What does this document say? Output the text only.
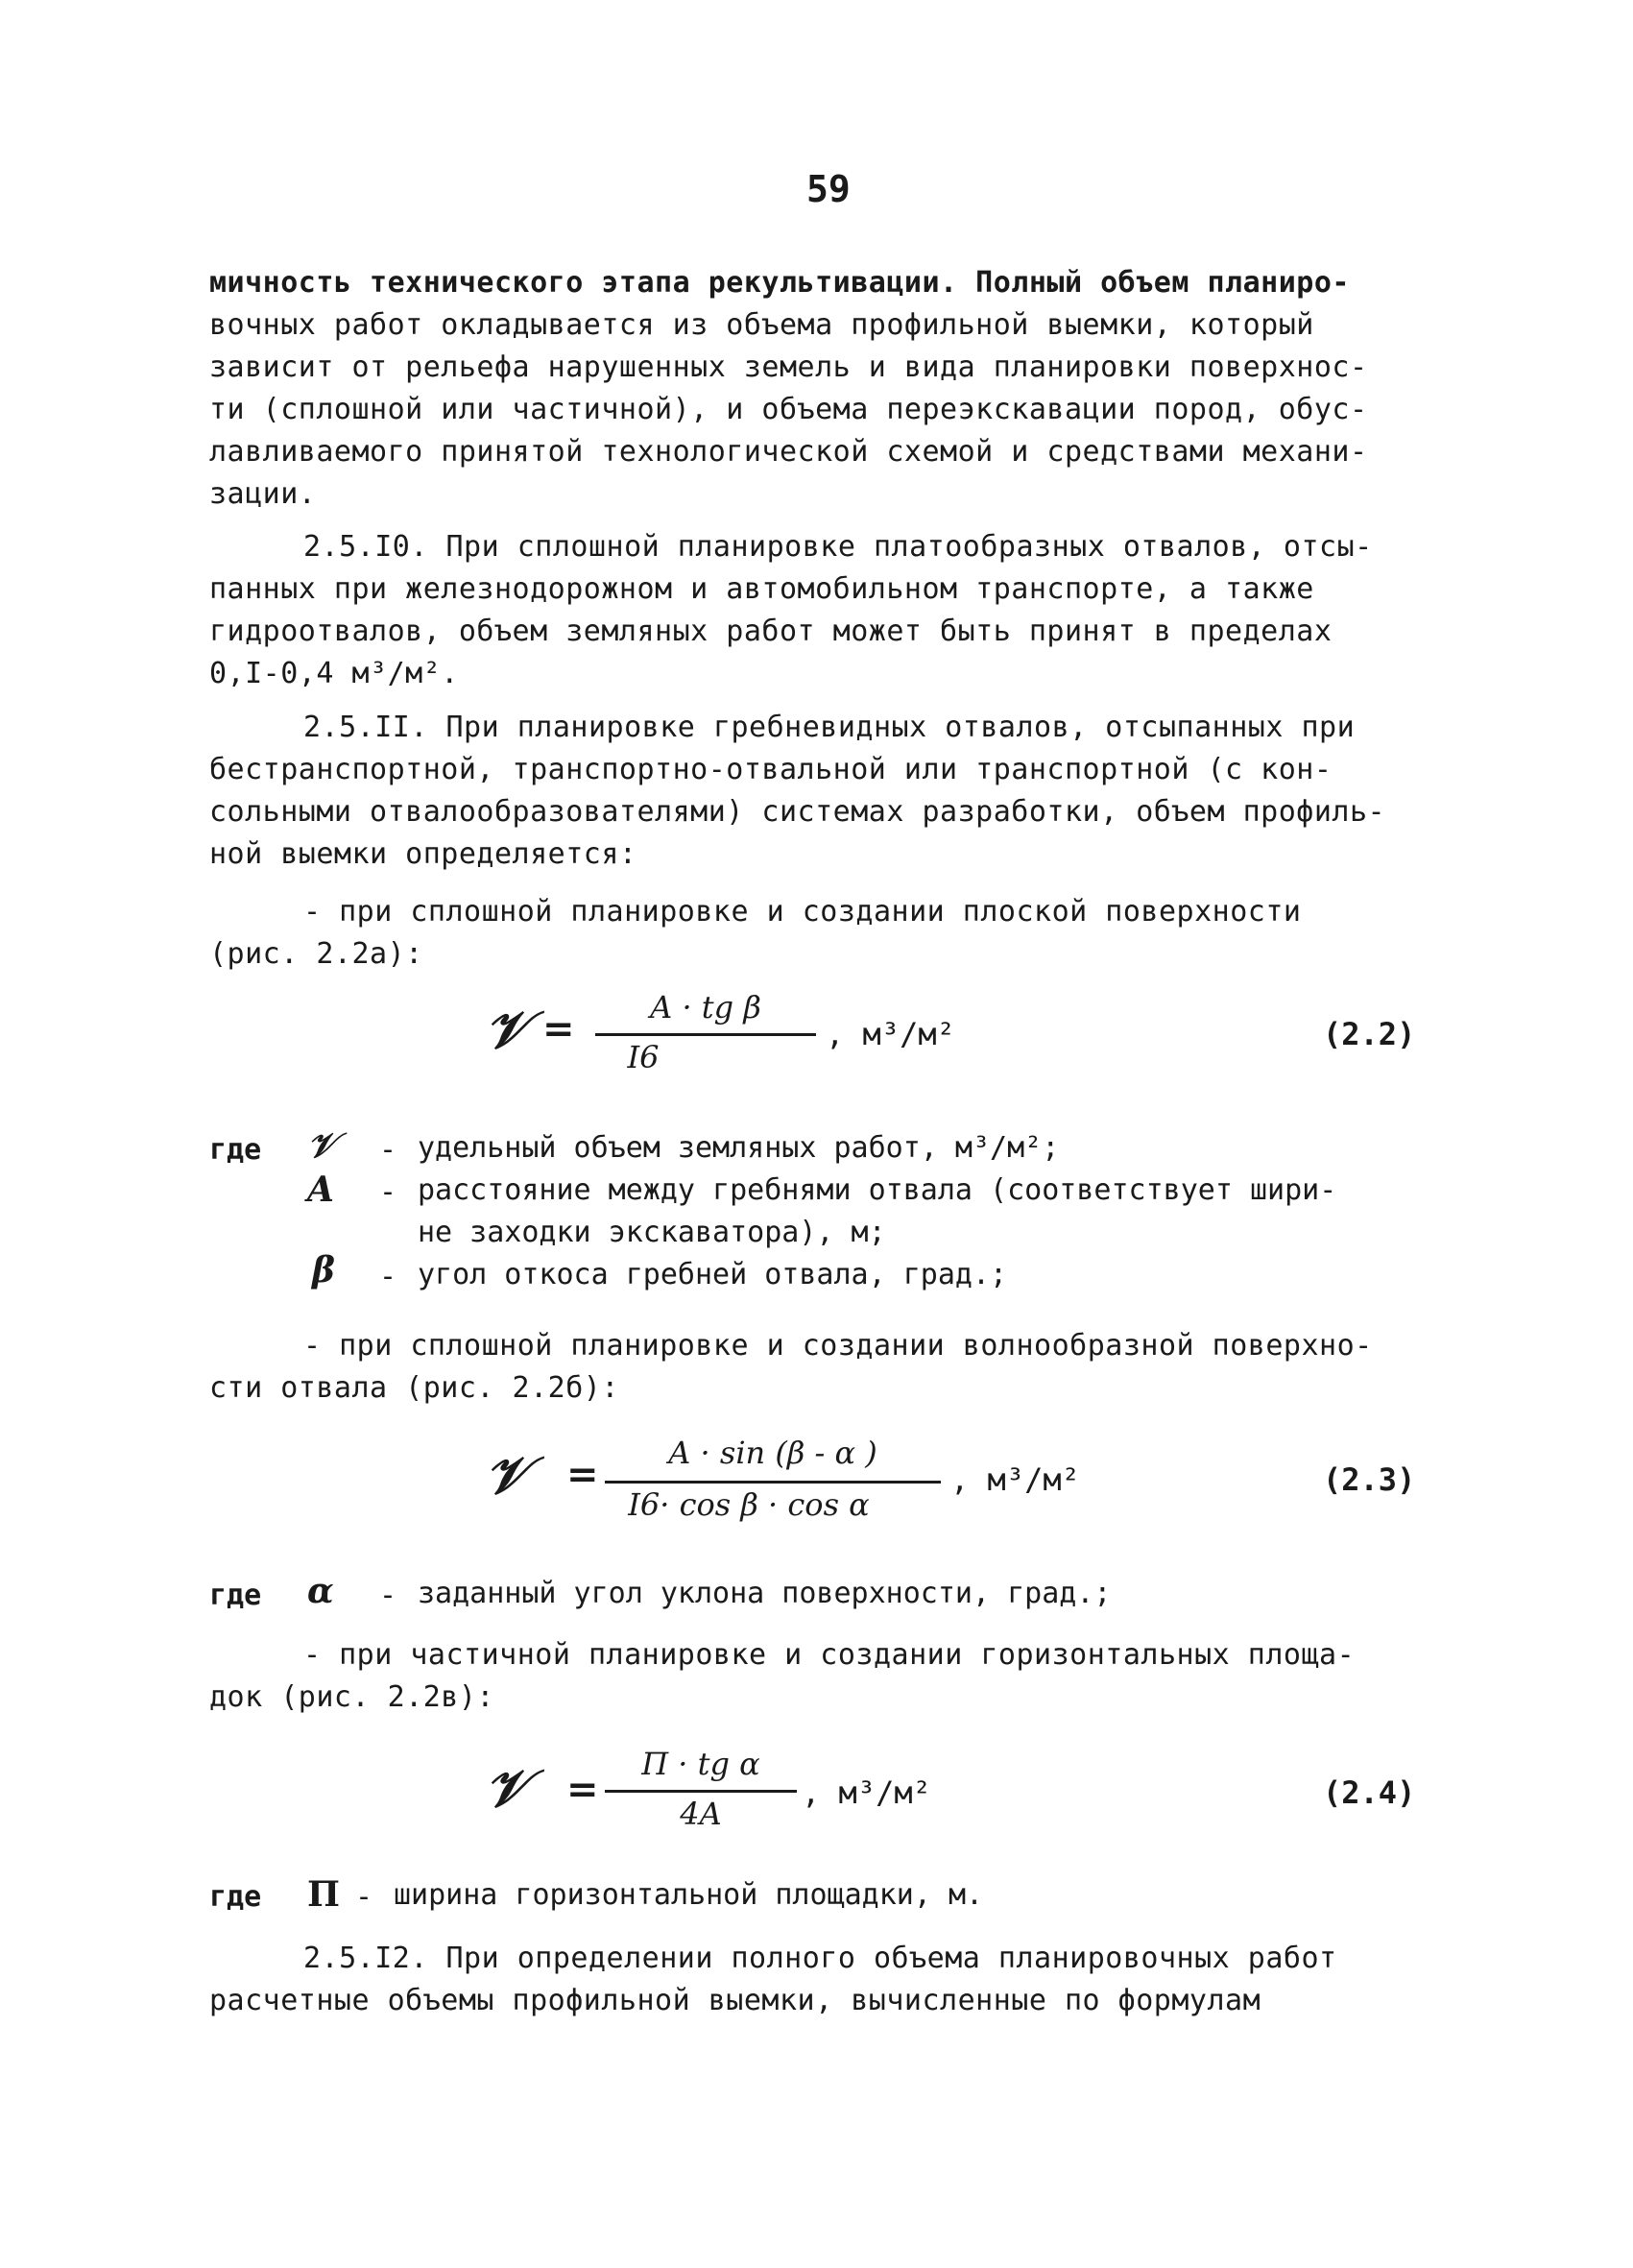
59
мичность технического этапа рекультивации. Полный объем планиро-
вочных работ окладывается из объема профильной выемки, который
зависит от рельефа нарушенных земель и вида планировки поверхнос-
ти (сплошной или частичной), и объема переэкскавации пород, обус-
лавливаемого принятой технологической схемой и средствами механи-
зации.
2.5.I0. При сплошной планировке платообразных отвалов, отсы-
панных при железнодорожном и автомобильном транспорте, а также
гидроотвалов, объем земляных работ может быть принят в пределах
0,I-0,4 м³/м².
2.5.II. При планировке гребневидных отвалов, отсыпанных при
бестранспортной, транспортно-отвальной или транспортной (с кон-
сольными отвалообразователями) системах разработки, объем профиль-
ной выемки определяется:
- при сплошной планировке и создании плоской поверхности
(рис. 2.2а):
𝒱 =	A · tg β
I6
, м³/м²	(2.2)
где 𝒱 - удельный объем земляных работ, м³/м²;
A - расстояние между гребнями отвала (соответствует шири-
не заходки экскаватора), м;
β - угол откоса гребней отвала, град.;
- при сплошной планировке и создании волнообразной поверхно-
сти отвала (рис. 2.2б):
𝒱 =	A · sin (β - α )
I6· cos β · cos α
, м³/м²	(2.3)
где α - заданный угол уклона поверхности, град.;
- при частичной планировке и создании горизонтальных площа-
док (рис. 2.2в):
𝒱 =
П · tg α
4A
, м³/м²	(2.4)
где П - ширина горизонтальной площадки, м.
2.5.I2. При определении полного объема планировочных работ
расчетные объемы профильной выемки, вычисленные по формулам
